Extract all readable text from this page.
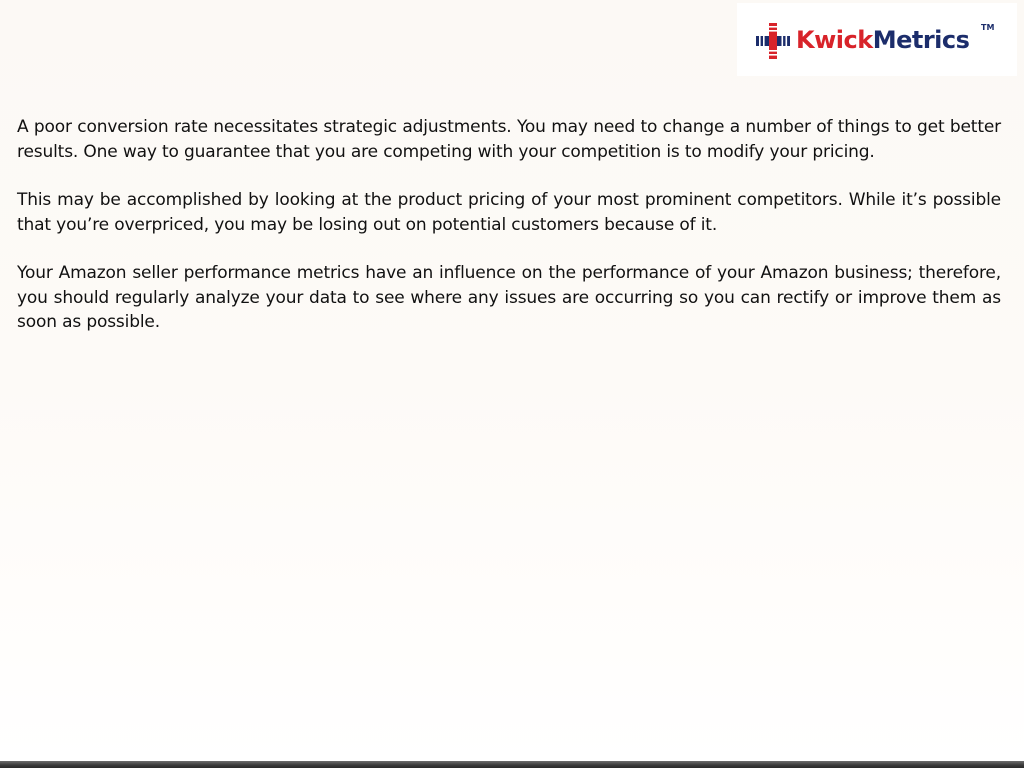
KwickMetrics TM

A poor conversion rate necessitates strategic adjustments. You may need to change a number of things to get better results. One way to guarantee that you are competing with your competition is to modify your pricing.

This may be accomplished by looking at the product pricing of your most prominent competitors. While it’s possible that you’re overpriced, you may be losing out on potential customers because of it.

Your Amazon seller performance metrics have an influence on the performance of your Amazon business; therefore, you should regularly analyze your data to see where any issues are occurring so you can rectify or improve them as soon as possible.
